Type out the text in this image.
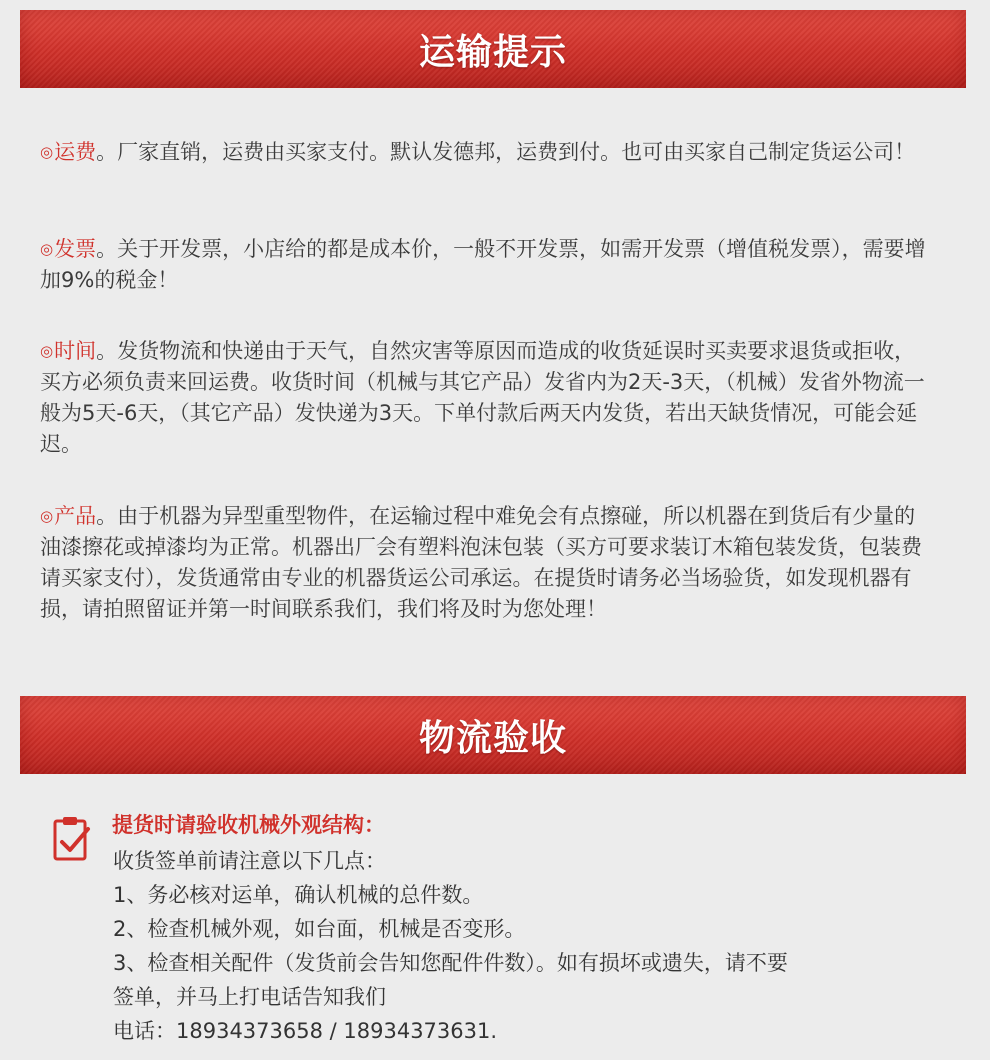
运输提示

◎运费。厂家直销，运费由买家支付。默认发德邦，运费到付。也可由买家自己制定货运公司！

◎发票。关于开发票，小店给的都是成本价，一般不开发票，如需开发票（增值税发票），需要增加9%的税金！

◎时间。发货物流和快递由于天气，自然灾害等原因而造成的收货延误时买卖要求退货或拒收，买方必须负责来回运费。收货时间（机械与其它产品）发省内为2天-3天，（机械）发省外物流一般为5天-6天，（其它产品）发快递为3天。下单付款后两天内发货，若出天缺货情况，可能会延迟。

◎产品。由于机器为异型重型物件，在运输过程中难免会有点擦碰，所以机器在到货后有少量的油漆擦花或掉漆均为正常。机器出厂会有塑料泡沫包装（买方可要求装订木箱包装发货，包装费请买家支付），发货通常由专业的机器货运公司承运。在提货时请务必当场验货，如发现机器有损，请拍照留证并第一时间联系我们，我们将及时为您处理！

物流验收
提货时请验收机械外观结构：
收货签单前请注意以下几点：
1、务必核对运单，确认机械的总件数。
2、检查机械外观，如台面，机械是否变形。
3、检查相关配件（发货前会告知您配件件数）。如有损坏或遗失，请不要
签单，并马上打电话告知我们
电话：18934373658 / 18934373631.
